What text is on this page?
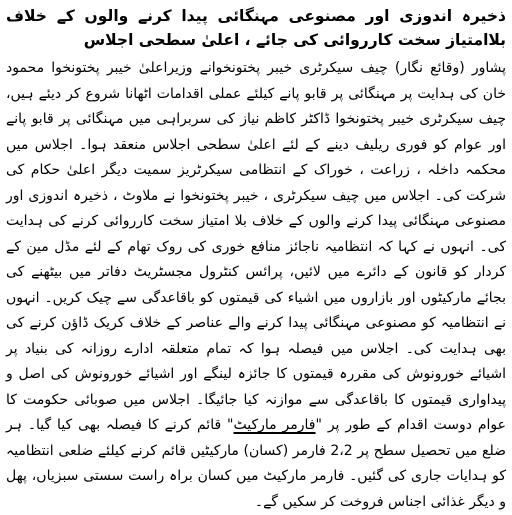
ذخیرہ اندوزی اور مصنوعی مہنگائی پیدا کرنے والوں کے خلاف بلاامتیاز سخت کارروائی کی جائے ، اعلیٰ سطحی اجلاس

پشاور (وقائع نگار) چیف سیکرٹری خیبر پختونخوانے وزیراعلیٰ خیبر پختونخوا محمود خان کی ہدایت پر مہنگائی پر قابو پانے کیلئے عملی اقدامات اٹھانا شروع کر دیئے ہیں، چیف سیکرٹری خیبر پختونخوا ڈاکٹر کاظم نیاز کی سربراہی میں مہنگائی پر قابو پانے اور عوام کو فوری ریلیف دینے کے لئے اعلیٰ سطحی اجلاس منعقد ہوا۔ اجلاس میں محکمہ داخلہ ، زراعت ، خوراک کے انتظامی سیکرٹریز سمیت دیگر اعلیٰ حکام کی شرکت کی۔ اجلاس میں چیف سیکرٹری ، خیبر پختونخوا نے ملاوٹ ، ذخیرہ اندوزی اور مصنوعی مہنگائی پیدا کرنے والوں کے خلاف بلا امتیاز سخت کارروائی کرنے کی ہدایت کی۔ انہوں نے کہا کہ انتظامیہ ناجائز منافع خوری کی روک تھام کے لئے مڈل مین کے کردار کو قانون کے دائرے میں لائیں، پرائس کنٹرول مجسٹریٹ دفاتر میں بیٹھنے کی بجائے مارکیٹوں اور بازاروں میں اشیاء کی قیمتوں کو باقاعدگی سے چیک کریں۔ انہوں نے انتظامیہ کو مصنوعی مہنگائی پیدا کرنے والے عناصر کے خلاف کریک ڈاؤن کرنے کی بھی ہدایت کی۔ اجلاس میں فیصلہ ہوا کہ تمام متعلقہ ادارے روزانہ کی بنیاد پر اشیائے خورونوش کی مقررہ قیمتوں کا جائزہ لینگے اور اشیائے خورونوش کی اصل و پیداواری قیمتوں کا باقاعدگی سے موازنہ کیا جائیگا۔ اجلاس میں صوبائی حکومت کا عوام دوست اقدام کے طور پر "فارمر مارکیٹ" قائم کرنے کا فیصلہ بھی کیا گیا۔ ہر ضلع میں تحصیل سطح پر 2،2 فارمر (کسان) مارکیٹیں قائم کرنے کیلئے ضلعی انتظامیہ کو ہدایات جاری کی گئیں۔ فارمر مارکیٹ میں کسان براہ راست سستی سبزیاں، پھل و دیگر غذائی اجناس فروخت کر سکیں گے۔
